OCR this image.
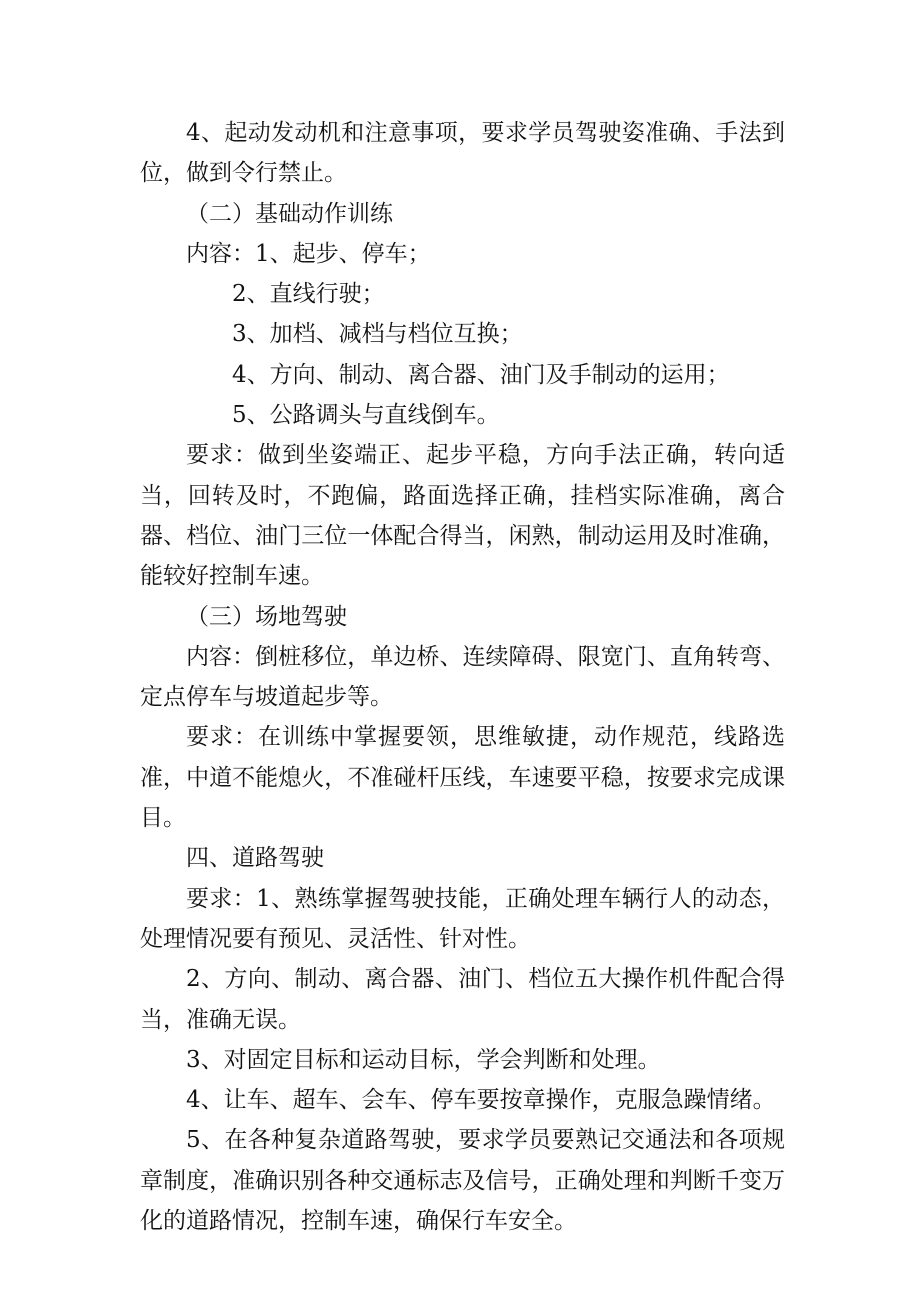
4、起动发动机和注意事项，要求学员驾驶姿准确、手法到位，做到令行禁止。

（二）基础动作训练

内容：1、起步、停车；

2、直线行驶；

3、加档、减档与档位互换；

4、方向、制动、离合器、油门及手制动的运用；

5、公路调头与直线倒车。

要求：做到坐姿端正、起步平稳，方向手法正确，转向适当，回转及时，不跑偏，路面选择正确，挂档实际准确，离合器、档位、油门三位一体配合得当，闲熟，制动运用及时准确，能较好控制车速。

（三）场地驾驶

内容：倒桩移位，单边桥、连续障碍、限宽门、直角转弯、定点停车与坡道起步等。

要求：在训练中掌握要领，思维敏捷，动作规范，线路选准，中道不能熄火，不准碰杆压线，车速要平稳，按要求完成课目。

四、道路驾驶

要求：1、熟练掌握驾驶技能，正确处理车辆行人的动态，处理情况要有预见、灵活性、针对性。

2、方向、制动、离合器、油门、档位五大操作机件配合得当，准确无误。

3、对固定目标和运动目标，学会判断和处理。

4、让车、超车、会车、停车要按章操作，克服急躁情绪。

5、在各种复杂道路驾驶，要求学员要熟记交通法和各项规章制度，准确识别各种交通标志及信号，正确处理和判断千变万化的道路情况，控制车速，确保行车安全。
